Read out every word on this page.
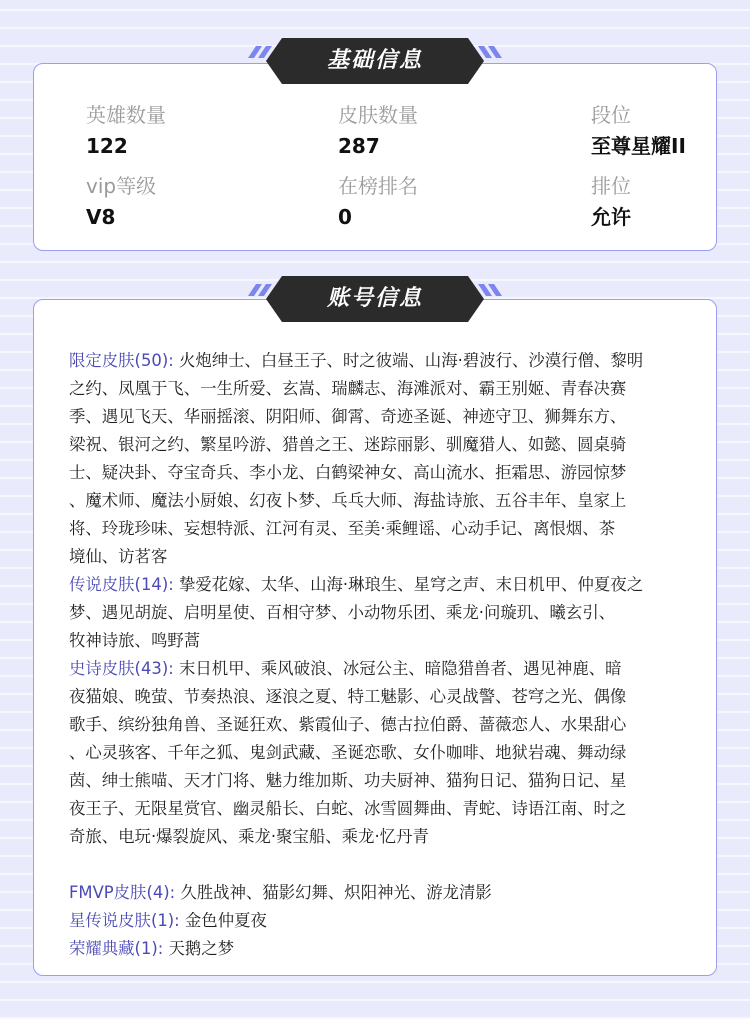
英雄数量
122
皮肤数量
287
段位
至尊星耀II
vip等级
V8
在榜排名
0
排位
允许
基础信息
限定皮肤(50): 火炮绅士、白昼王子、时之彼端、山海·碧波行、沙漠行僧、黎明
之约、凤凰于飞、一生所爱、玄嵩、瑞麟志、海滩派对、霸王别姬、青春决赛
季、遇见飞天、华丽摇滚、阴阳师、御霄、奇迹圣诞、神迹守卫、狮舞东方、
梁祝、银河之约、繁星吟游、猎兽之王、迷踪丽影、驯魔猎人、如懿、圆桌骑
士、疑决卦、夺宝奇兵、李小龙、白鹤梁神女、高山流水、拒霜思、游园惊梦
、魔术师、魔法小厨娘、幻夜卜梦、乓乓大师、海盐诗旅、五谷丰年、皇家上
将、玲珑珍味、妄想特派、江河有灵、至美·乘鲤谣、心动手记、离恨烟、茶
境仙、访茗客
传说皮肤(14): 挚爱花嫁、太华、山海·琳琅生、星穹之声、末日机甲、仲夏夜之
梦、遇见胡旋、启明星使、百相守梦、小动物乐团、乘龙·问璇玑、曦玄引、
牧神诗旅、鸣野蒿
史诗皮肤(43): 末日机甲、乘风破浪、冰冠公主、暗隐猎兽者、遇见神鹿、暗
夜猫娘、晚萤、节奏热浪、逐浪之夏、特工魅影、心灵战警、苍穹之光、偶像
歌手、缤纷独角兽、圣诞狂欢、紫霞仙子、德古拉伯爵、蔷薇恋人、水果甜心
、心灵骇客、千年之狐、鬼剑武藏、圣诞恋歌、女仆咖啡、地狱岩魂、舞动绿
茵、绅士熊喵、天才门将、魅力维加斯、功夫厨神、猫狗日记、猫狗日记、星
夜王子、无限星赏官、幽灵船长、白蛇、冰雪圆舞曲、青蛇、诗语江南、时之
奇旅、电玩·爆裂旋风、乘龙·聚宝船、乘龙·忆丹青
FMVP皮肤(4): 久胜战神、猫影幻舞、炽阳神光、游龙清影
星传说皮肤(1): 金色仲夏夜
荣耀典藏(1): 天鹅之梦
账号信息
